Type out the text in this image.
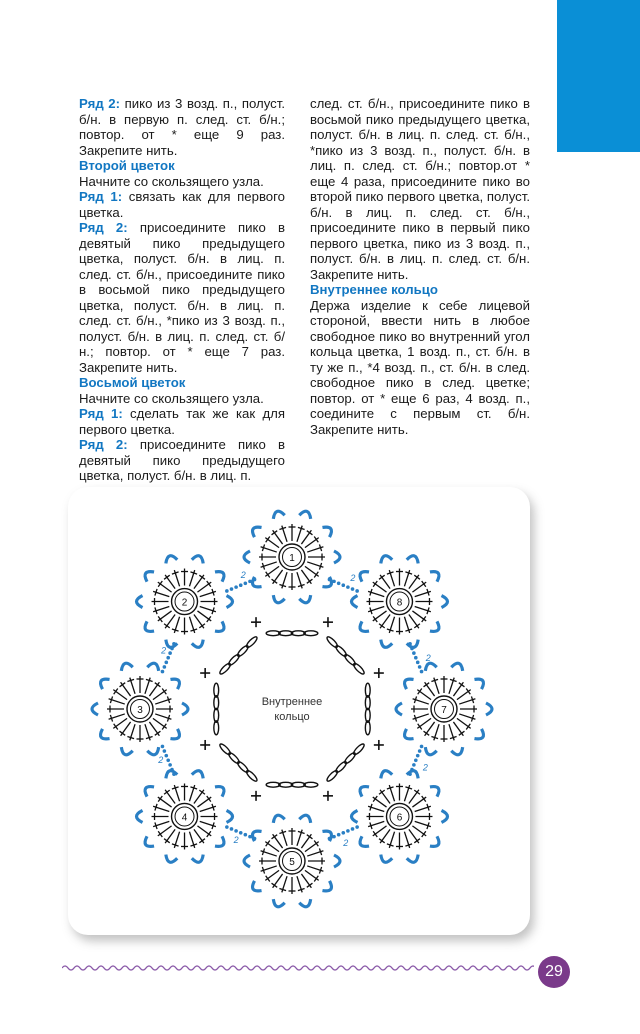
Ряд 2: пико из 3 возд. п., полуст. б/н. в первую п. след. ст. б/н.; повтор. от * еще 9 раз. Закрепите нить.

Второй цветок

Начните со скользящего узла.

Ряд 1: связать как для первого цветка.

Ряд 2: присоедините пико в девятый пико предыдущего цветка, полуст. б/н. в лиц. п. след. ст. б/н., присоедините пико в восьмой пико предыдущего цветка, полуст. б/н. в лиц. п. след. ст. б/н., *пико из 3 возд. п., полуст. б/н. в лиц. п. след. ст. б/н.; повтор. от * еще 7 раз. Закрепите нить.

Восьмой цветок

Начните со скользящего узла.

Ряд 1: сделать так же как для первого цветка.

Ряд 2: присоедините пико в девятый пико предыдущего цветка, полуст. б/н. в лиц. п.

след. ст. б/н., присоедините пико в восьмой пико предыдущего цветка, полуст. б/н. в лиц. п. след. ст. б/н., *пико из 3 возд. п., полуст. б/н. в лиц. п. след. ст. б/н.; повтор.от * еще 4 раза, присоедините пико во второй пико первого цветка, полуст. б/н. в лиц. п. след. ст. б/н., присоедините пико в первый пико первого цветка, пико из 3 возд. п., полуст. б/н. в лиц. п. след. ст. б/н. Закрепите нить.

Внутреннее кольцо

Держа изделие к себе лицевой стороной, ввести нить в любое свободное пико во внутренний угол кольца цветка, 1 возд. п., ст. б/н. в ту же п., *4 возд. п., ст. б/н. в след. свободное пико в след. цветке; повтор. от * еще 6 раз, 4 возд. п., соедините с первым ст. б/н. Закрепите нить.

Внутреннее
кольцо
1
8
7
6
5
4
3
2
2
2
2
2
2
2
2
2
29
